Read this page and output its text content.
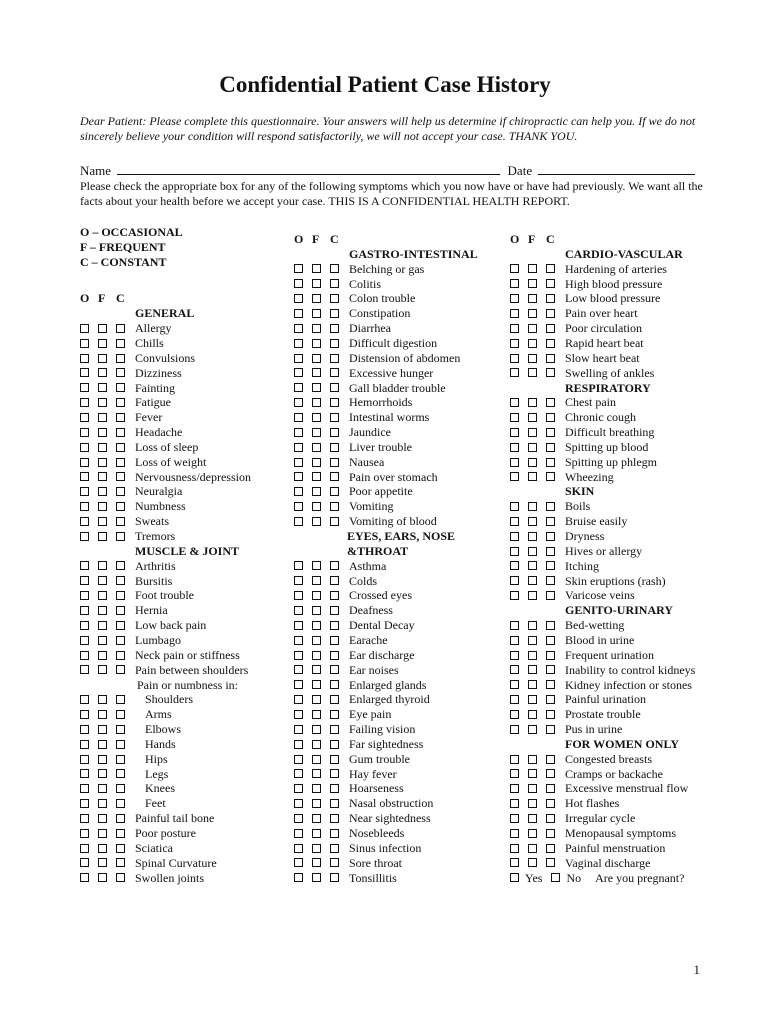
Confidential Patient Case History
Dear Patient: Please complete this questionnaire. Your answers will help us determine if chiropractic can help you. If we do not sincerely believe your condition will respond satisfactorily, we will not accept your case. THANK YOU.
Name	Date
Please check the appropriate box for any of the following symptoms which you now have or have had previously. We want all the facts about your health before we accept your case. THIS IS A CONFIDENTIAL HEALTH REPORT.
O – OCCASIONAL
F – FREQUENT
C – CONSTANT
O F C
GENERAL
Allergy
Chills
Convulsions
Dizziness
Fainting
Fatigue
Fever
Headache
Loss of sleep
Loss of weight
Nervousness/depression
Neuralgia
Numbness
Sweats
Tremors
MUSCLE & JOINT
Arthritis
Bursitis
Foot trouble
Hernia
Low back pain
Lumbago
Neck pain or stiffness
Pain between shoulders
Pain or numbness in:
Shoulders
Arms
Elbows
Hands
Hips
Legs
Knees
Feet
Painful tail bone
Poor posture
Sciatica
Spinal Curvature
Swollen joints
O F C
GASTRO-INTESTINAL
Belching or gas
Colitis
Colon trouble
Constipation
Diarrhea
Difficult digestion
Distension of abdomen
Excessive hunger
Gall bladder trouble
Hemorrhoids
Intestinal worms
Jaundice
Liver trouble
Nausea
Pain over stomach
Poor appetite
Vomiting
Vomiting of blood
EYES, EARS, NOSE
&THROAT
Asthma
Colds
Crossed eyes
Deafness
Dental Decay
Earache
Ear discharge
Ear noises
Enlarged glands
Enlarged thyroid
Eye pain
Failing vision
Far sightedness
Gum trouble
Hay fever
Hoarseness
Nasal obstruction
Near sightedness
Nosebleeds
Sinus infection
Sore throat
Tonsillitis
O F C
CARDIO-VASCULAR
Hardening of arteries
High blood pressure
Low blood pressure
Pain over heart
Poor circulation
Rapid heart beat
Slow heart beat
Swelling of ankles
RESPIRATORY
Chest pain
Chronic cough
Difficult breathing
Spitting up blood
Spitting up phlegm
Wheezing
SKIN
Boils
Bruise easily
Dryness
Hives or allergy
Itching
Skin eruptions (rash)
Varicose veins
GENITO-URINARY
Bed-wetting
Blood in urine
Frequent urination
Inability to control kidneys
Kidney infection or stones
Painful urination
Prostate trouble
Pus in urine
FOR WOMEN ONLY
Congested breasts
Cramps or backache
Excessive menstrual flow
Hot flashes
Irregular cycle
Menopausal symptoms
Painful menstruation
Vaginal discharge
Yes No Are you pregnant?
1
